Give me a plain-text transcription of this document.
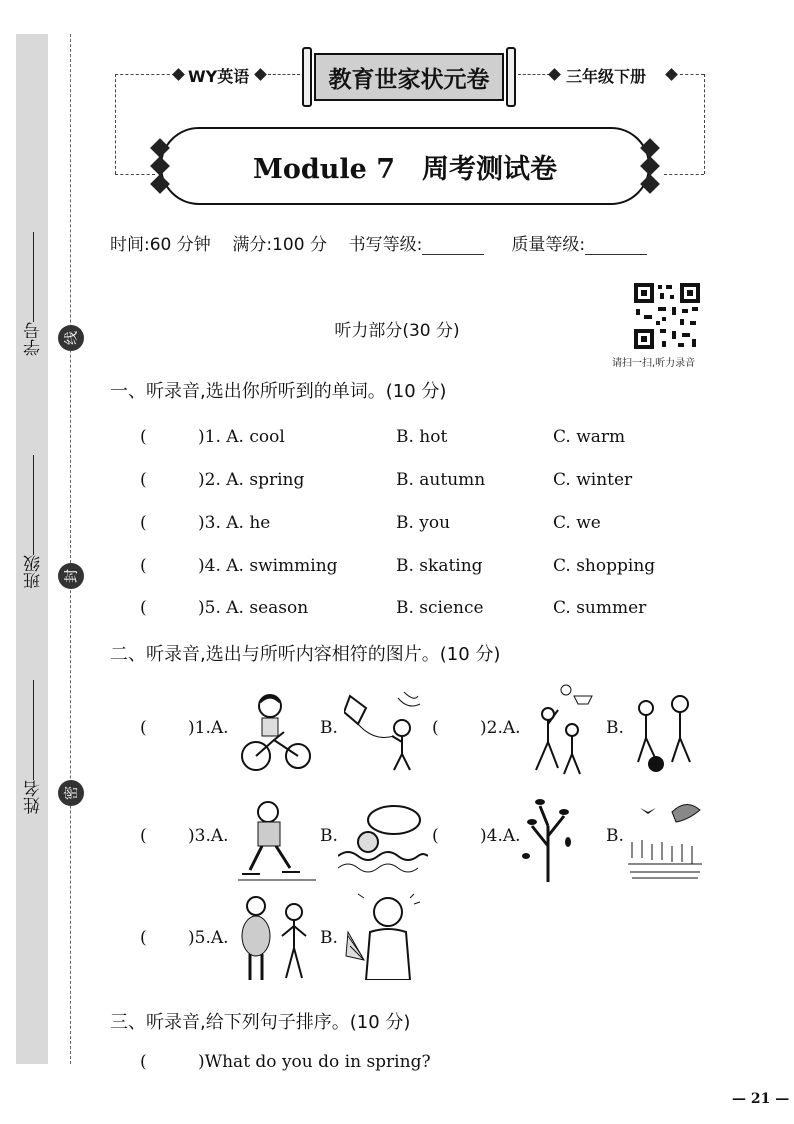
学号
班级
姓名
线
封
密
WY英语	教育世家状元卷	三年级下册
Module 7　周考测试卷
时间:60 分钟 满分:100 分 书写等级:	质量等级:
请扫一扫,听力录音
听力部分(30 分)
一、听录音,选出你所听到的单词。(10 分)
(	)1. A. cool	B. hot	C. warm
(	)2. A. spring	B. autumn	C. winter
(	)3. A. he	B. you	C. we
(	)4. A. swimming	B. skating	C. shopping
(	)5. A. season	B. science	C. summer
二、听录音,选出与所听内容相符的图片。(10 分)
( )1.A.	B.	( )2.A.	B.
( )3.A.	B.	( )4.A.	B.
( )5.A.	B.
三、听录音,给下列句子排序。(10 分)
(	)What do you do in spring?
— 21 —
